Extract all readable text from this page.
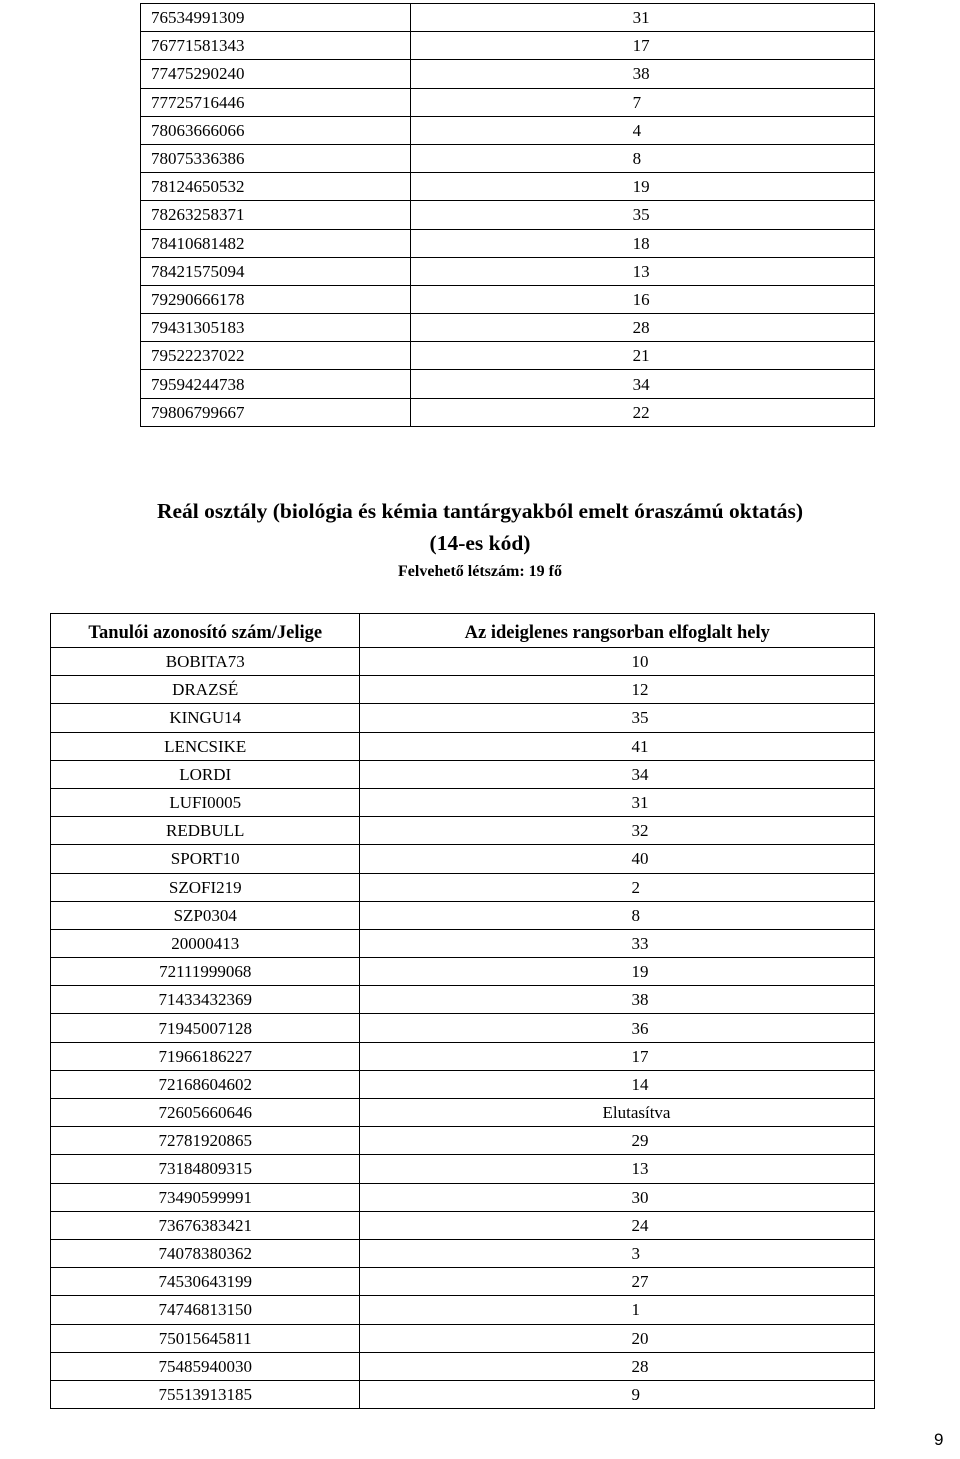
76534991309	31
76771581343	17
77475290240	38
77725716446	7
78063666066	4
78075336386	8
78124650532	19
78263258371	35
78410681482	18
78421575094	13
79290666178	16
79431305183	28
79522237022	21
79594244738	34
79806799667	22
Reál osztály (biológia és kémia tantárgyakból emelt óraszámú oktatás)
(14-es kód)
Felvehető létszám: 19 fő
Tanulói azonosító szám/Jelige	Az ideiglenes rangsorban elfoglalt hely
BOBITA73	10
DRAZSÉ	12
KINGU14	35
LENCSIKE	41
LORDI	34
LUFI0005	31
REDBULL	32
SPORT10	40
SZOFI219	2
SZP0304	8
20000413	33
72111999068	19
71433432369	38
71945007128	36
71966186227	17
72168604602	14
72605660646	Elutasítva
72781920865	29
73184809315	13
73490599991	30
73676383421	24
74078380362	3
74530643199	27
74746813150	1
75015645811	20
75485940030	28
75513913185	9
9
